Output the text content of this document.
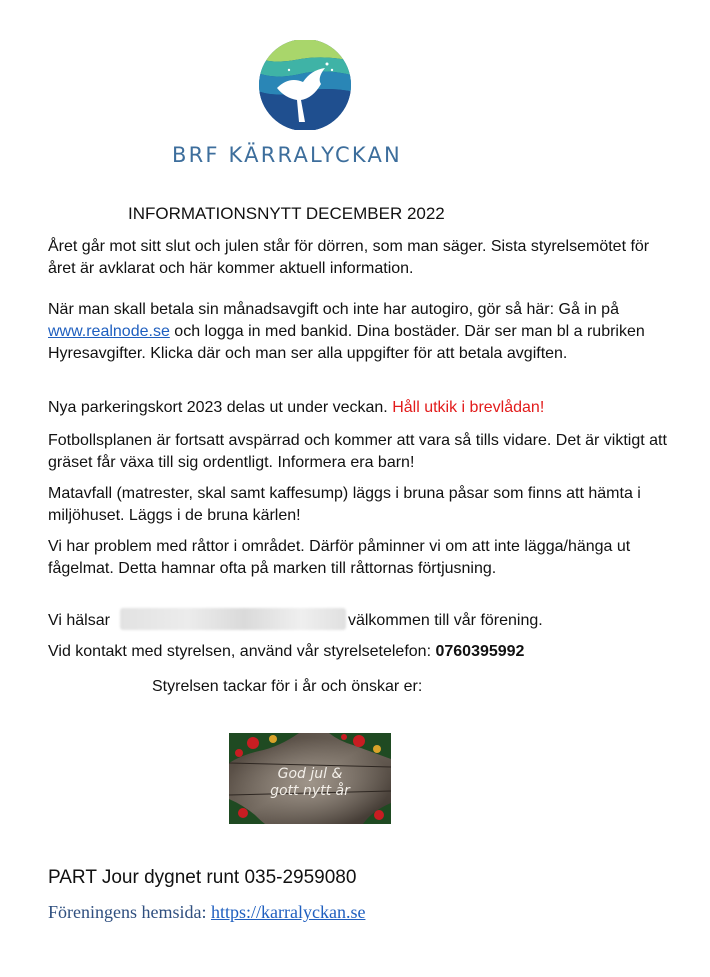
BRF KÄRRALYCKAN
INFORMATIONSNYTT DECEMBER 2022

Året går mot sitt slut och julen står för dörren, som man säger. Sista styrelsemötet för året är avklarat och här kommer aktuell information.

När man skall betala sin månadsavgift och inte har autogiro, gör så här: Gå in på www.realnode.se och logga in med bankid. Dina bostäder. Där ser man bl a rubriken Hyresavgifter. Klicka där och man ser alla uppgifter för att betala avgiften.

Nya parkeringskort 2023 delas ut under veckan. Håll utkik i brevlådan!

Fotbollsplanen är fortsatt avspärrad och kommer att vara så tills vidare. Det är viktigt att gräset får växa till sig ordentligt. Informera era barn!

Matavfall (matrester, skal samt kaffesump) läggs i bruna påsar som finns att hämta i miljöhuset. Läggs i de bruna kärlen!

Vi har problem med råttor i området. Därför påminner vi om att inte lägga/hänga ut fågelmat. Detta hamnar ofta på marken till råttornas förtjusning.

Vi hälsar	välkommen till vår förening.

Vid kontakt med styrelsen, använd vår styrelsetelefon: 0760395992

Styrelsen tackar för i år och önskar er:

God jul &
gott nytt år
PART Jour dygnet runt 035-2959080
Föreningens hemsida: https://karralyckan.se
